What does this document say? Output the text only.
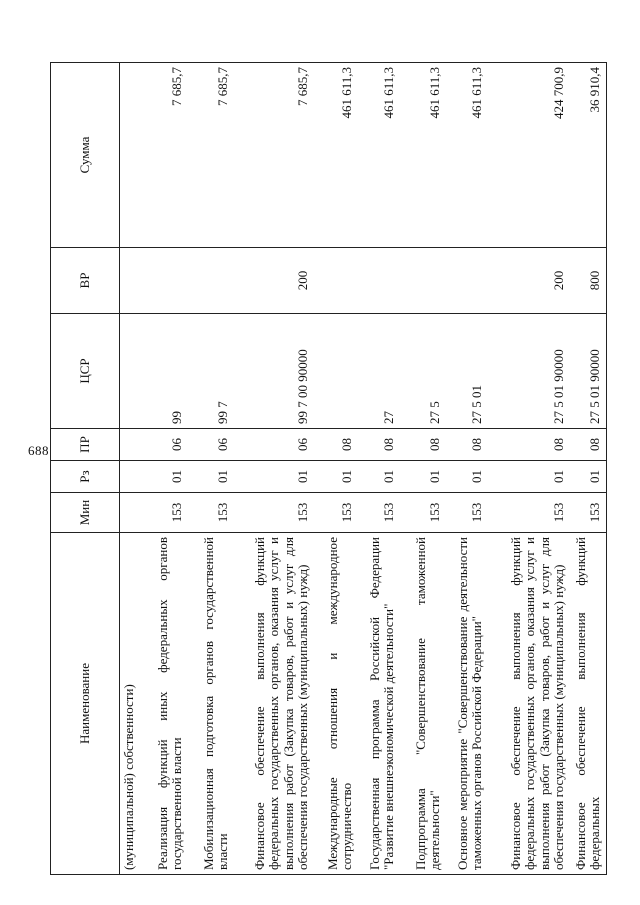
688
Наименование	Мин	Рз	ПР	ЦСР	ВР	Сумма
(муниципальной) собственности)						
Реализация функций иных федеральных органов государственной власти	153	01	06	99		7 685,7
Мобилизационная подготовка органов государственной власти	153	01	06	99 7		7 685,7
Финансовое обеспечение выполнения функций федеральных государственных органов, оказания услуг и выполнения работ (Закупка товаров, работ и услуг для обеспечения государственных (муниципальных) нужд)	153	01	06	99 7 00 90000	200	7 685,7
Международные отношения и международное сотрудничество	153	01	08			461 611,3
Государственная программа Российской Федерации "Развитие внешнеэкономической деятельности"	153	01	08	27		461 611,3
Подпрограмма "Совершенствование таможенной деятельности"	153	01	08	27 5		461 611,3
Основное мероприятие "Совершенствование деятельности таможенных органов Российской Федерации"	153	01	08	27 5 01		461 611,3
Финансовое обеспечение выполнения функций федеральных государственных органов, оказания услуг и выполнения работ (Закупка товаров, работ и услуг для обеспечения государственных (муниципальных) нужд)	153	01	08	27 5 01 90000	200	424 700,9
Финансовое обеспечение выполнения функций федеральных	153	01	08	27 5 01 90000	800	36 910,4
